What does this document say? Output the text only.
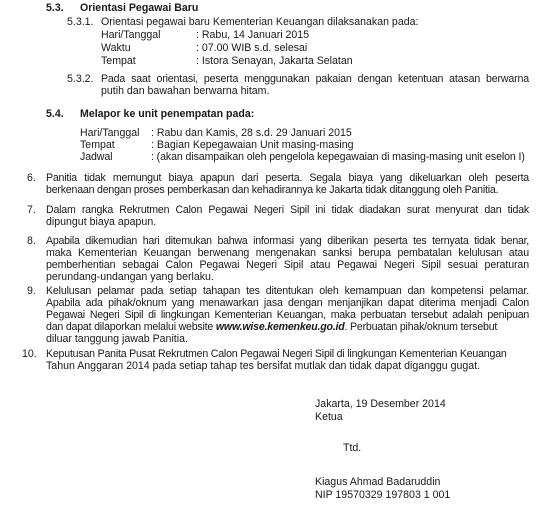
5.3. Orientasi Pegawai Baru
5.3.1. Orientasi pegawai baru Kementerian Keuangan dilaksanakan pada:
Hari/Tanggal	: Rabu, 14 Januari 2015
Waktu	: 07.00 WIB s.d. selesai
Tempat	: Istora Senayan, Jakarta Selatan
5.3.2. Pada saat orientasi, peserta menggunakan pakaian dengan ketentuan atasan berwarna
putih dan bawahan berwarna hitam.
5.4. Melapor ke unit penempatan pada:
Hari/Tanggal	: Rabu dan Kamis, 28 s.d. 29 Januari 2015
Tempat	: Bagian Kepegawaian Unit masing-masing
Jadwal	: (akan disampaikan oleh pengelola kepegawaian di masing-masing unit eselon I)
6. Panitia tidak memungut biaya apapun dari peserta. Segala biaya yang dikeluarkan oleh peserta
berkenaan dengan proses pemberkasan dan kehadirannya ke Jakarta tidak ditanggung oleh Panitia.
7. Dalam rangka Rekrutmen Calon Pegawai Negeri Sipil ini tidak diadakan surat menyurat dan tidak
dipungut biaya apapun.
8. Apabila dikemudian hari ditemukan bahwa informasi yang diberikan peserta tes ternyata tidak benar,
maka Kementerian Keuangan berwenang mengenakan sanksi berupa pembatalan kelulusan atau
pemberhentian sebagai Calon Pegawai Negeri Sipil atau Pegawai Negeri Sipil sesuai peraturan
perundang-undangan yang berlaku.
9. Kelulusan pelamar pada setiap tahapan tes ditentukan oleh kemampuan dan kompetensi pelamar.
Apabila ada pihak/oknum yang menawarkan jasa dengan menjanjikan dapat diterima menjadi Calon
Pegawai Negeri Sipil di lingkungan Kementerian Keuangan, maka perbuatan tersebut adalah penipuan
dan dapat dilaporkan melalui website www.wise.kemenkeu.go.id. Perbuatan pihak/oknum tersebut
diluar tanggung jawab Panitia.
10. Keputusan Panita Pusat Rekrutmen Calon Pegawai Negeri Sipil di lingkungan Kementerian Keuangan
Tahun Anggaran 2014 pada setiap tahap tes bersifat mutlak dan tidak dapat diganggu gugat.
Jakarta, 19 Desember 2014
Ketua
Ttd.
Kiagus Ahmad Badaruddin
NIP 19570329 197803 1 001
